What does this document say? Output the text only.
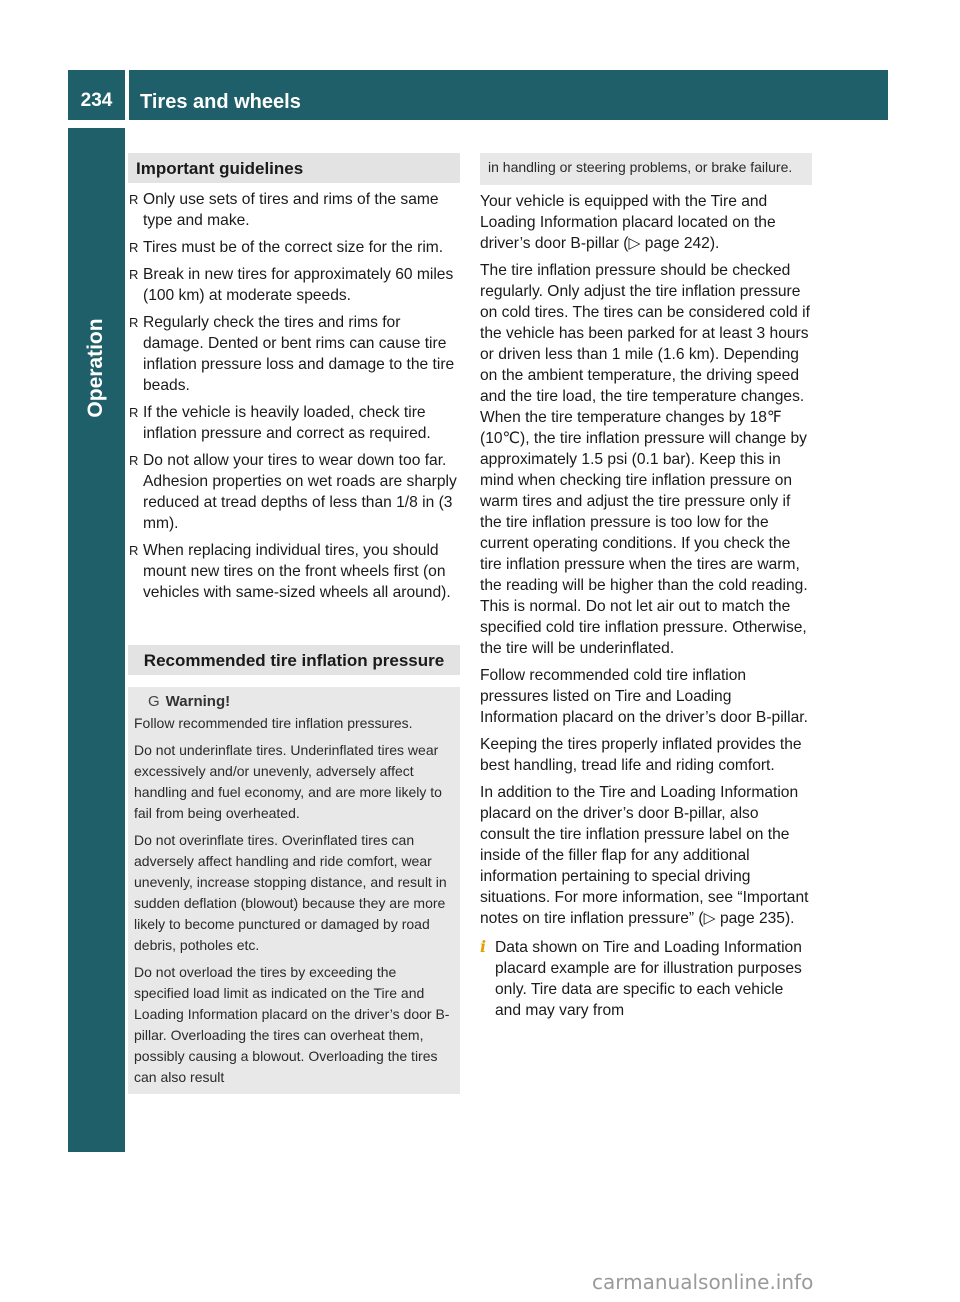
234	Tires and wheels
Operation
Important guidelines
R Only use sets of tires and rims of the same type and make.
R Tires must be of the correct size for the rim.
R Break in new tires for approximately 60 miles (100 km) at moderate speeds.
R Regularly check the tires and rims for damage. Dented or bent rims can cause tire inflation pressure loss and damage to the tire beads.
R If the vehicle is heavily loaded, check tire inflation pressure and correct as required.
R Do not allow your tires to wear down too far. Adhesion properties on wet roads are sharply reduced at tread depths of less than 1/8 in (3 mm).
R When replacing individual tires, you should mount new tires on the front wheels first (on vehicles with same-sized wheels all around).
Recommended tire inflation pressure
G Warning!

Follow recommended tire inflation pressures.

Do not underinflate tires. Underinflated tires wear excessively and/or unevenly, adversely affect handling and fuel economy, and are more likely to fail from being overheated.

Do not overinflate tires. Overinflated tires can adversely affect handling and ride comfort, wear unevenly, increase stopping distance, and result in sudden deflation (blowout) because they are more likely to become punctured or damaged by road debris, potholes etc.

Do not overload the tires by exceeding the specified load limit as indicated on the Tire and Loading Information placard on the driver’s door B-pillar. Overloading the tires can overheat them, possibly causing a blowout. Overloading the tires can also result

in handling or steering problems, or brake failure.

Your vehicle is equipped with the Tire and Loading Information placard located on the driver’s door B-pillar (▷ page 242).

The tire inflation pressure should be checked regularly. Only adjust the tire inflation pressure on cold tires. The tires can be considered cold if the vehicle has been parked for at least 3 hours or driven less than 1 mile (1.6 km). Depending on the ambient temperature, the driving speed and the tire load, the tire temperature changes. When the tire temperature changes by 18℉ (10℃), the tire inflation pressure will change by approximately 1.5 psi (0.1 bar). Keep this in mind when checking tire inflation pressure on warm tires and adjust the tire pressure only if the tire inflation pressure is too low for the current operating conditions. If you check the tire inflation pressure when the tires are warm, the reading will be higher than the cold reading. This is normal. Do not let air out to match the specified cold tire inflation pressure. Otherwise, the tire will be underinflated.

Follow recommended cold tire inflation pressures listed on Tire and Loading Information placard on the driver’s door B-pillar.

Keeping the tires properly inflated provides the best handling, tread life and riding comfort.

In addition to the Tire and Loading Information placard on the driver’s door B-pillar, also consult the tire inflation pressure label on the inside of the filler flap for any additional information pertaining to special driving situations. For more information, see “Important notes on tire inflation pressure” (▷ page 235).

i Data shown on Tire and Loading Information placard example are for illustration purposes only. Tire data are specific to each vehicle and may vary from
carmanualsonline.info
